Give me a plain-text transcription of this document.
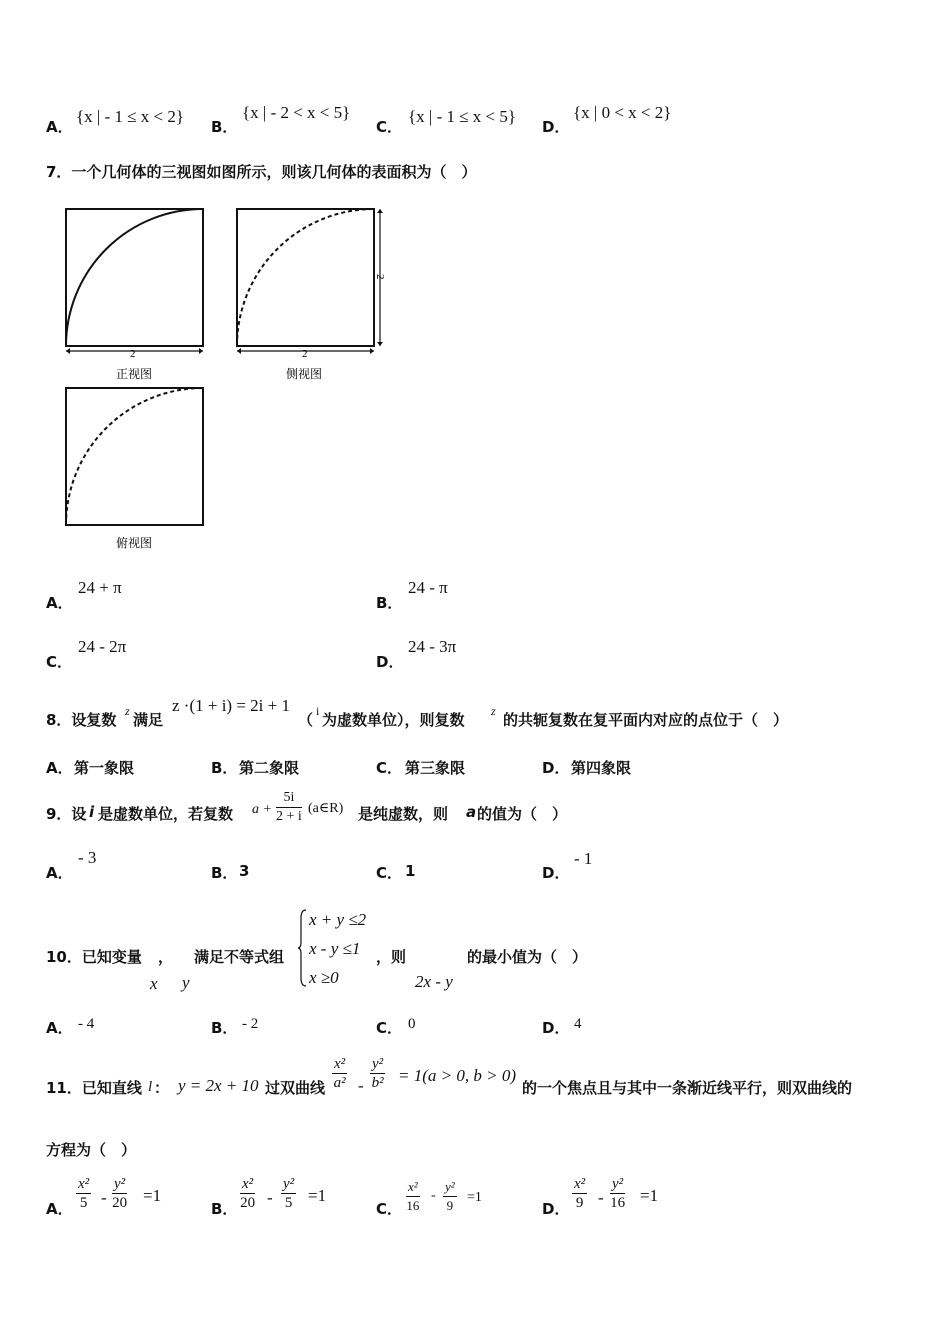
A．
{x | - 1 ≤ x < 2}
B．
{x | - 2 < x < 5}
C．
{x | - 1 ≤ x < 5}
D．
{x | 0 < x < 2}
7．一个几何体的三视图如图所示，则该几何体的表面积为（　）
2
正视图
2
2
侧视图
俯视图
A．
24 + π
B．
24 - π
C．
24 - 2π
D．
24 - 3π
8．设复数 z 满足
z ·(1 + i) = 2i + 1
（ i 为虚数单位），则复数 z 的共轭复数在复平面内对应的点位于（　）
A． 第一象限	B． 第二象限	C． 第三象限	D． 第四象限
9．设 i 是虚数单位，若复数 $a + \frac{5i}{2 + i}$ (a∈R) 是纯虚数，则 a 的值为（　）
A．
- 3
B． 3	C． 1	D．
- 1
10．已知变量 ， 满足不等式组
x + y ≤2
x - y ≤1
x ≥0
，则	的最小值为（　）
x y	2x - y
A． - 4	B． - 2	C． 0	D． 4
11．已知直线 l ： y = 2x + 10 过双曲线 $\frac{\text{x²}}{\text{a²}} - \frac{\text{y²}}{\text{b²}} = 1(a > 0$, b > 0)
的一个焦点且与其中一条渐近线平行，则双曲线的
方程为（　）
A． $\frac{\text{x²}}{5} - \frac{\text{y²}}{20} =1$
B． $\frac{\text{x²}}{20} - \frac{\text{y²}}{5} =1$
C． $\frac{\text{x²}}{16} - \frac{\text{y²}}{9} =1$
D． $\frac{\text{x²}}{9} - \frac{\text{y²}}{16} =1$
